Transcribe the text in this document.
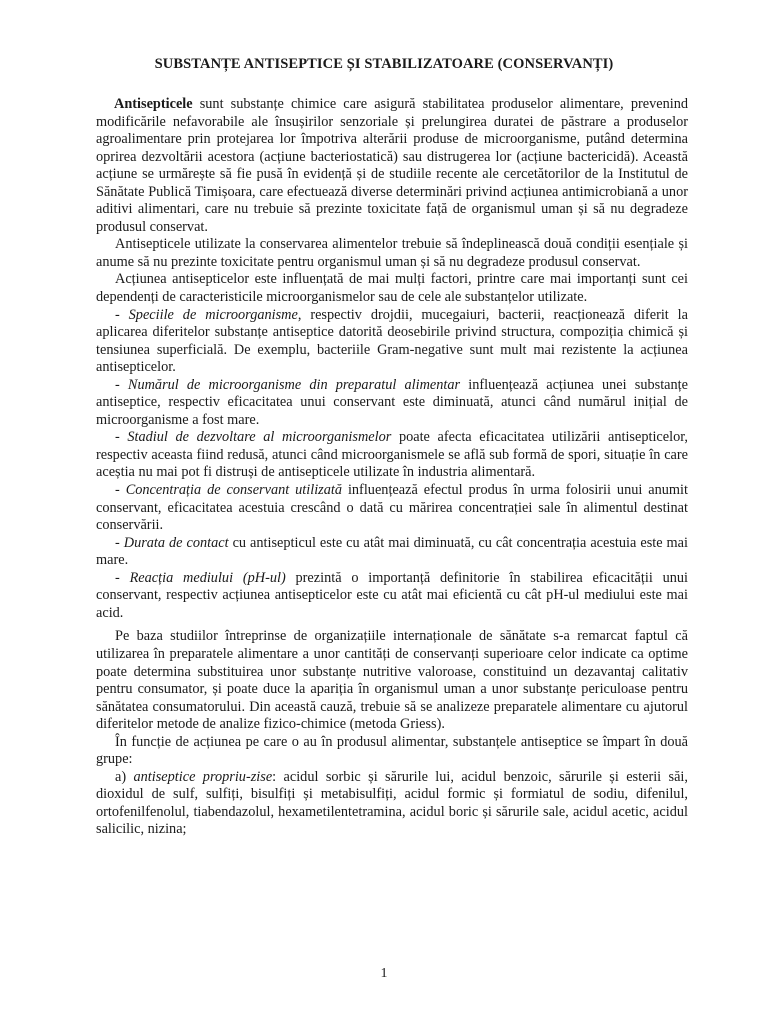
SUBSTANȚE ANTISEPTICE ȘI STABILIZATOARE (CONSERVANȚI)

Antisepticele sunt substanțe chimice care asigură stabilitatea produselor alimentare, prevenind modificările nefavorabile ale însușirilor senzoriale și prelungirea duratei de păstrare a produselor agroalimentare prin protejarea lor împotriva alterării produse de microorganisme, putând determina oprirea dezvoltării acestora (acțiune bacteriostatică) sau distrugerea lor (acțiune bactericidă). Această acțiune se urmărește să fie pusă în evidență și de studiile recente ale cercetătorilor de la Institutul de Sănătate Publică Timișoara, care efectuează diverse determinări privind acțiunea antimicrobiană a unor aditivi alimentari, care nu trebuie să prezinte toxicitate față de organismul uman și să nu degradeze produsul conservat.

Antisepticele utilizate la conservarea alimentelor trebuie să îndeplinească două condiții esențiale și anume să nu prezinte toxicitate pentru organismul uman și să nu degradeze produsul conservat.

Acțiunea antisepticelor este influențată de mai mulți factori, printre care mai importanți sunt cei dependenți de caracteristicile microorganismelor sau de cele ale substanțelor utilizate.

- Speciile de microorganisme, respectiv drojdii, mucegaiuri, bacterii, reacționează diferit la aplicarea diferitelor substanțe antiseptice datorită deosebirile privind structura, compoziția chimică și tensiunea superficială. De exemplu, bacteriile Gram-negative sunt mult mai rezistente la acțiunea antisepticelor.

- Numărul de microorganisme din preparatul alimentar influențează acțiunea unei substanțe antiseptice, respectiv eficacitatea unui conservant este diminuată, atunci când numărul inițial de microorganisme a fost mare.

- Stadiul de dezvoltare al microorganismelor poate afecta eficacitatea utilizării antisepticelor, respectiv aceasta fiind redusă, atunci când microorganismele se află sub formă de spori, situație în care aceștia nu mai pot fi distruși de antisepticele utilizate în industria alimentară.

- Concentrația de conservant utilizată influențează efectul produs în urma folosirii unui anumit conservant, eficacitatea acestuia crescând o dată cu mărirea concentrației sale în alimentul destinat conservării.

- Durata de contact cu antisepticul este cu atât mai diminuată, cu cât concentrația acestuia este mai mare.

- Reacția mediului (pH-ul) prezintă o importanță definitorie în stabilirea eficacității unui conservant, respectiv acțiunea antisepticelor este cu atât mai eficientă cu cât pH-ul mediului este mai acid.

Pe baza studiilor întreprinse de organizațiile internaționale de sănătate s-a remarcat faptul că utilizarea în preparatele alimentare a unor cantități de conservanți superioare celor indicate ca optime poate determina substituirea unor substanțe nutritive valoroase, constituind un dezavantaj calitativ pentru consumator, și poate duce la apariția în organismul uman a unor substanțe periculoase pentru sănătatea consumatorului. Din această cauză, trebuie să se analizeze preparatele alimentare cu ajutorul diferitelor metode de analize fizico-chimice (metoda Griess).

În funcție de acțiunea pe care o au în produsul alimentar, substanțele antiseptice se împart în două grupe:

a) antiseptice propriu-zise: acidul sorbic și sărurile lui, acidul benzoic, sărurile și esterii săi, dioxidul de sulf, sulfiți, bisulfiți și metabisulfiți, acidul formic și formiatul de sodiu, difenilul, ortofenilfenolul, tiabendazolul, hexametilentetramina, acidul boric și sărurile sale, acidul acetic, acidul salicilic, nizina;

1
